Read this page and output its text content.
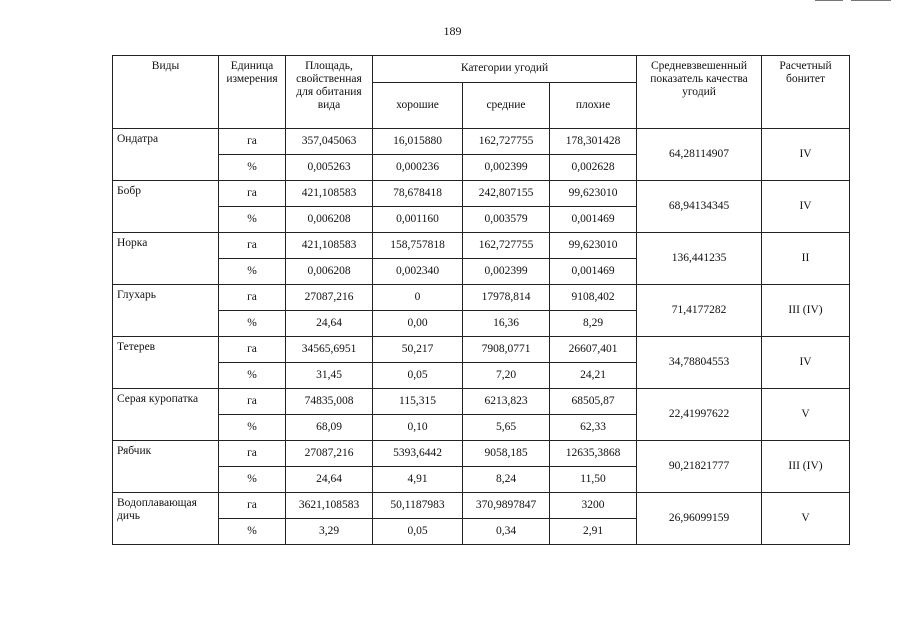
189
Виды	Единица измерения	Площадь, свойственная для обитания вида	Категории угодий			Средневзвешенный показатель качества угодий	Расчетный бонитет
			хорошие	средние	плохие		
Ондатра	га	357,045063	16,015880	162,727755	178,301428	64,28114907	IV
	%	0,005263	0,000236	0,002399	0,002628		
Бобр	га	421,108583	78,678418	242,807155	99,623010	68,94134345	IV
	%	0,006208	0,001160	0,003579	0,001469		
Норка	га	421,108583	158,757818	162,727755	99,623010	136,441235	II
	%	0,006208	0,002340	0,002399	0,001469		
Глухарь	га	27087,216	0	17978,814	9108,402	71,4177282	III (IV)
	%	24,64	0,00	16,36	8,29		
Тетерев	га	34565,6951	50,217	7908,0771	26607,401	34,78804553	IV
	%	31,45	0,05	7,20	24,21		
Серая куропатка	га	74835,008	115,315	6213,823	68505,87	22,41997622	V
	%	68,09	0,10	5,65	62,33		
Рябчик	га	27087,216	5393,6442	9058,185	12635,3868	90,21821777	III (IV)
	%	24,64	4,91	8,24	11,50		
Водоплавающая дичь	га	3621,108583	50,1187983	370,9897847	3200	26,96099159	V
	%	3,29	0,05	0,34	2,91		
